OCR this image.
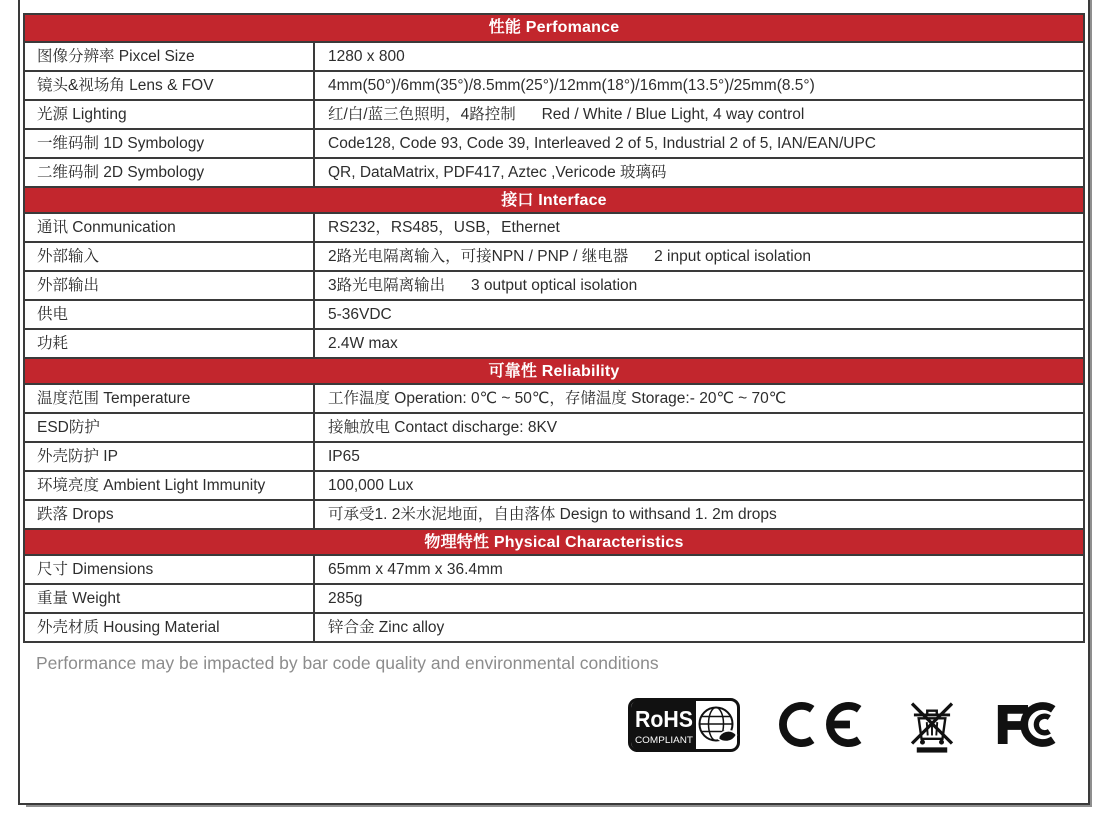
性能 Perfomance
图像分辨率 Pixcel Size	1280 x 800
镜头&视场角 Lens & FOV	4mm(50°)/6mm(35°)/8.5mm(25°)/12mm(18°)/16mm(13.5°)/25mm(8.5°)
光源 Lighting	红/白/蓝三色照明，4路控制      Red / White / Blue Light, 4 way control
一维码制 1D Symbology	Code128, Code 93, Code 39, Interleaved 2 of 5, Industrial 2 of 5, IAN/EAN/UPC
二维码制 2D Symbology	QR, DataMatrix, PDF417, Aztec ,Vericode 玻璃码
接口 Interface
通讯 Conmunication	RS232，RS485，USB，Ethernet
外部输入	2路光电隔离输入，可接NPN / PNP / 继电器      2 input optical isolation
外部输出	3路光电隔离输出      3 output optical isolation
供电	5-36VDC
功耗	2.4W max
可靠性 Reliability
温度范围 Temperature	工作温度 Operation: 0℃ ~ 50℃，存储温度 Storage:- 20℃ ~ 70℃
ESD防护	接触放电 Contact discharge: 8KV
外壳防护 IP	IP65
环境亮度 Ambient Light Immunity	100,000 Lux
跌落 Drops	可承受1. 2米水泥地面，自由落体 Design to withsand 1. 2m drops
物理特性 Physical Characteristics
尺寸 Dimensions	65mm x 47mm x 36.4mm
重量 Weight	285g
外壳材质 Housing Material	锌合金 Zinc alloy
Performance may be impacted by bar code quality and environmental conditions
RoHS
COMPLIANT
